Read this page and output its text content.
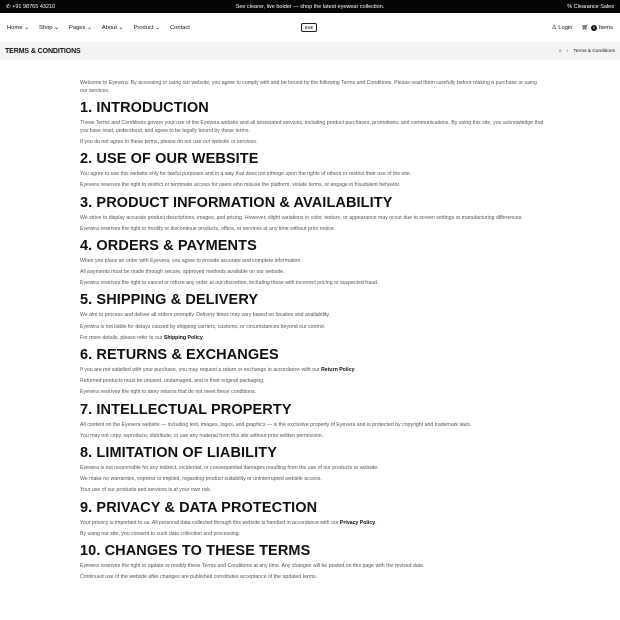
✆ +91 98765 43210	See clearer, live bolder — shop the latest eyewear collection.	% Clearance Sales
Home ⌄ Shop ⌄ Pages ⌄ About ⌄ Product ⌄ Contact	EYE	♙ Login 🛒︎ 0 Items
TERMS & CONDITIONS	⌂ › Terms & Conditions

Welcome to Eyevera. By accessing or using our website, you agree to comply with and be bound by the following Terms and Conditions. Please read them carefully before making a purchase or using our services.

1. INTRODUCTION

These Terms and Conditions govern your use of the Eyevera website and all associated services, including product purchases, promotions, and communications. By using this site, you acknowledge that you have read, understood, and agree to be legally bound by these terms.

If you do not agree to these terms, please do not use our website or services.

2. USE OF OUR WEBSITE

You agree to use this website only for lawful purposes and in a way that does not infringe upon the rights of others or restrict their use of the site.

Eyevera reserves the right to restrict or terminate access for users who misuse the platform, violate terms, or engage in fraudulent behavior.

3. PRODUCT INFORMATION & AVAILABILITY

We strive to display accurate product descriptions, images, and pricing. However, slight variations in color, texture, or appearance may occur due to screen settings or manufacturing differences.

Eyevera reserves the right to modify or discontinue products, offers, or services at any time without prior notice.

4. ORDERS & PAYMENTS

When you place an order with Eyevera, you agree to provide accurate and complete information.

All payments must be made through secure, approved methods available on our website.

Eyevera reserves the right to cancel or refuse any order at our discretion, including those with incorrect pricing or suspected fraud.

5. SHIPPING & DELIVERY

We aim to process and deliver all orders promptly. Delivery times may vary based on location and availability.

Eyevera is not liable for delays caused by shipping carriers, customs, or circumstances beyond our control.

For more details, please refer to our Shipping Policy.

6. RETURNS & EXCHANGES

If you are not satisfied with your purchase, you may request a return or exchange in accordance with our Return Policy.

Returned products must be unused, undamaged, and in their original packaging.

Eyevera reserves the right to deny returns that do not meet these conditions.

7. INTELLECTUAL PROPERTY

All content on the Eyevera website — including text, images, logos, and graphics — is the exclusive property of Eyevera and is protected by copyright and trademark laws.

You may not copy, reproduce, distribute, or use any material from this site without prior written permission.

8. LIMITATION OF LIABILITY

Eyevera is not responsible for any indirect, incidental, or consequential damages resulting from the use of our products or website.

We make no warranties, express or implied, regarding product suitability or uninterrupted website access.

Your use of our products and services is at your own risk.

9. PRIVACY & DATA PROTECTION

Your privacy is important to us. All personal data collected through this website is handled in accordance with our Privacy Policy.

By using our site, you consent to such data collection and processing.

10. CHANGES TO THESE TERMS

Eyevera reserves the right to update or modify these Terms and Conditions at any time. Any changes will be posted on this page with the revised date.

Continued use of the website after changes are published constitutes acceptance of the updated terms.
